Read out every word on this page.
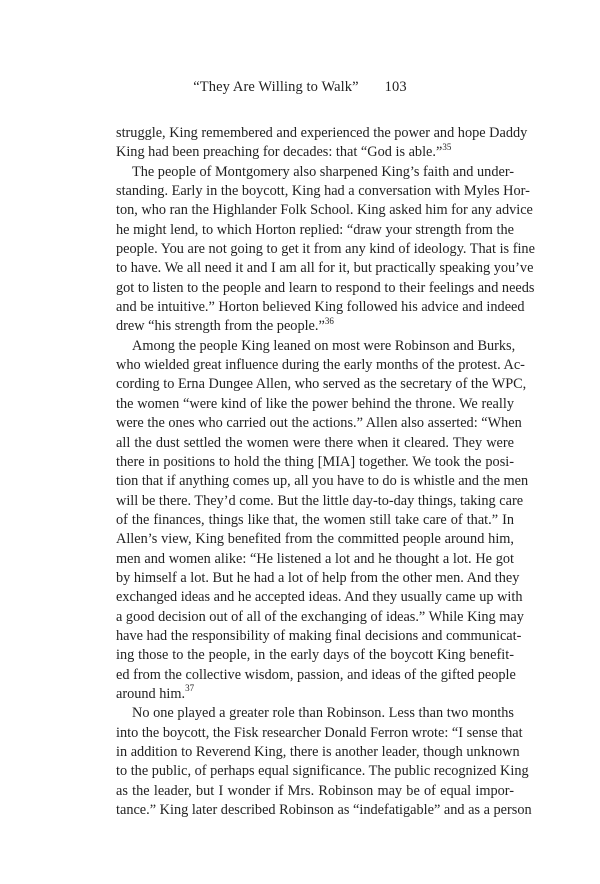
“They Are Willing to Walk” 103
struggle, King remembered and experienced the power and hope Daddy
King had been preaching for decades: that “God is able.”$^{35}$
The people of Montgomery also sharpened King’s faith and under-
standing. Early in the boycott, King had a conversation with Myles Hor-
ton, who ran the Highlander Folk School. King asked him for any advice
he might lend, to which Horton replied: “draw your strength from the
people. You are not going to get it from any kind of ideology. That is fine
to have. We all need it and I am all for it, but practically speaking you’ve
got to listen to the people and learn to respond to their feelings and needs
and be intuitive.” Horton believed King followed his advice and indeed
drew “his strength from the people.”$^{36}$
Among the people King leaned on most were Robinson and Burks,
who wielded great influence during the early months of the protest. Ac-
cording to Erna Dungee Allen, who served as the secretary of the WPC,
the women “were kind of like the power behind the throne. We really
were the ones who carried out the actions.” Allen also asserted: “When
all the dust settled the women were there when it cleared. They were
there in positions to hold the thing [MIA] together. We took the posi-
tion that if anything comes up, all you have to do is whistle and the men
will be there. They’d come. But the little day-to-day things, taking care
of the finances, things like that, the women still take care of that.” In
Allen’s view, King benefited from the committed people around him,
men and women alike: “He listened a lot and he thought a lot. He got
by himself a lot. But he had a lot of help from the other men. And they
exchanged ideas and he accepted ideas. And they usually came up with
a good decision out of all of the exchanging of ideas.” While King may
have had the responsibility of making final decisions and communicat-
ing those to the people, in the early days of the boycott King benefit-
ed from the collective wisdom, passion, and ideas of the gifted people
around him.$^{37}$
No one played a greater role than Robinson. Less than two months
into the boycott, the Fisk researcher Donald Ferron wrote: “I sense that
in addition to Reverend King, there is another leader, though unknown
to the public, of perhaps equal significance. The public recognized King
as the leader, but I wonder if Mrs. Robinson may be of equal impor-
tance.” King later described Robinson as “indefatigable” and as a person
